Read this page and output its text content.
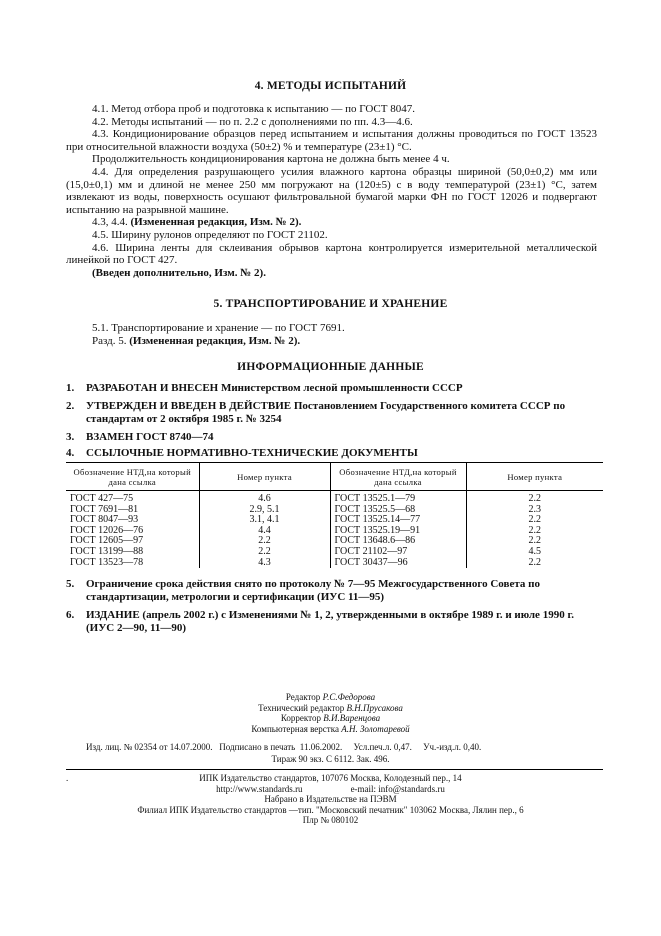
4. МЕТОДЫ ИСПЫТАНИЙ
4.1. Метод отбора проб и подготовка к испытанию — по ГОСТ 8047.
4.2. Методы испытаний — по п. 2.2 с дополнениями по пп. 4.3—4.6.
4.3. Кондиционирование образцов перед испытанием и испытания должны проводиться по ГОСТ 13523 при относительной влажности воздуха (50±2) % и температуре (23±1) °С.
Продолжительность кондиционирования картона не должна быть менее 4 ч.
4.4. Для определения разрушающего усилия влажного картона образцы шириной (50,0±0,2) мм или (15,0±0,1) мм и длиной не менее 250 мм погружают на (120±5) с в воду температурой (23±1) °С, затем извлекают из воды, поверхность осушают фильтровальной бумагой марки ФН по ГОСТ 12026 и подвергают испытанию на разрывной машине.
4.3, 4.4. (Измененная редакция, Изм. № 2).
4.5. Ширину рулонов определяют по ГОСТ 21102.
4.6. Ширина ленты для склеивания обрывов картона контролируется измерительной металлической линейкой по ГОСТ 427.
(Введен дополнительно, Изм. № 2).
5. ТРАНСПОРТИРОВАНИЕ И ХРАНЕНИЕ
5.1. Транспортирование и хранение — по ГОСТ 7691.
Разд. 5. (Измененная редакция, Изм. № 2).
ИНФОРМАЦИОННЫЕ ДАННЫЕ
1. РАЗРАБОТАН И ВНЕСЕН Министерством лесной промышленности СССР
2. УТВЕРЖДЕН И ВВЕДЕН В ДЕЙСТВИЕ Постановлением Государственного комитета СССР по стандартам от 2 октября 1985 г. № 3254
3. ВЗАМЕН ГОСТ 8740—74
4. ССЫЛОЧНЫЕ НОРМАТИВНО-ТЕХНИЧЕСКИЕ ДОКУМЕНТЫ
Обозначение НТД,на который дана ссылка	Номер пункта	Обозначение НТД,на который дана ссылка	Номер пункта
ГОСТ 427—75	4.6	ГОСТ 13525.1—79	2.2
ГОСТ 7691—81	2.9, 5.1	ГОСТ 13525.5—68	2.3
ГОСТ 8047—93	3.1, 4.1	ГОСТ 13525.14—77	2.2
ГОСТ 12026—76	4.4	ГОСТ 13525.19—91	2.2
ГОСТ 12605—97	2.2	ГОСТ 13648.6—86	2.2
ГОСТ 13199—88	2.2	ГОСТ 21102—97	4.5
ГОСТ 13523—78	4.3	ГОСТ 30437—96	2.2

5. Ограничение срока действия снято по протоколу № 7—95 Межгосударственного Совета по стандартизации, метрологии и сертификации (ИУС 11—95)
6. ИЗДАНИЕ (апрель 2002 г.) с Изменениями № 1, 2, утвержденными в октябре 1989 г. и июле 1990 г. (ИУС 2—90, 11—90)
Редактор Р.С.Федорова
Технический редактор В.Н.Прусакова
Корректор В.И.Варенцова
Компьютерная верстка А.Н. Золотаревой
Изд. лиц. № 02354 от 14.07.2000.   Подписано в печать  11.06.2002.     Усл.печ.л. 0,47.     Уч.-изд.л. 0,40.
Тираж 90 экз. С 6112. Зак. 496.
.	ИПК Издательство стандартов, 107076 Москва, Колодезный пер., 14
http://www.standards.ru	e-mail: info@standards.ru
Набрано в Издательстве на ПЭВМ
Филиал ИПК Издательство стандартов —тип. "Московский печатник" 103062 Москва, Лялин пер., 6
Плр № 080102
